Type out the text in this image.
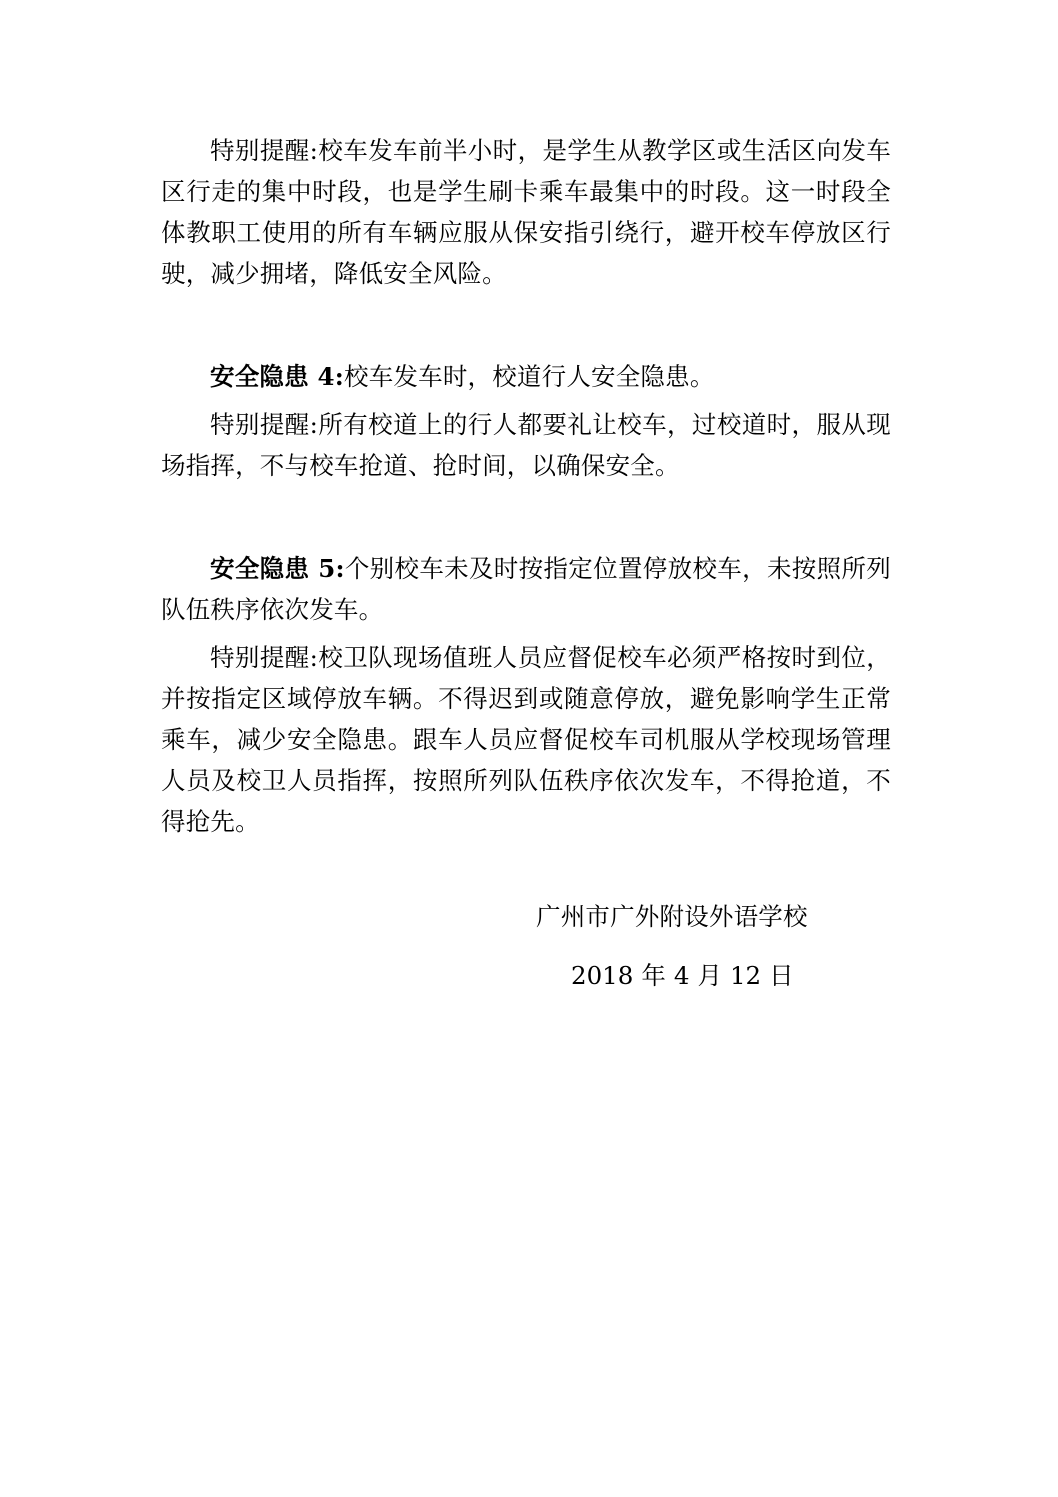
特别提醒:校车发车前半小时，是学生从教学区或生活区向发车区行走的集中时段，也是学生刷卡乘车最集中的时段。这一时段全体教职工使用的所有车辆应服从保安指引绕行，避开校车停放区行驶，减少拥堵，降低安全风险。

安全隐患 4:校车发车时，校道行人安全隐患。

特别提醒:所有校道上的行人都要礼让校车，过校道时，服从现场指挥，不与校车抢道、抢时间，以确保安全。

安全隐患 5:个别校车未及时按指定位置停放校车，未按照所列队伍秩序依次发车。

特别提醒:校卫队现场值班人员应督促校车必须严格按时到位，并按指定区域停放车辆。不得迟到或随意停放，避免影响学生正常乘车，减少安全隐患。跟车人员应督促校车司机服从学校现场管理人员及校卫人员指挥，按照所列队伍秩序依次发车，不得抢道，不得抢先。

广州市广外附设外语学校
2018 年 4 月 12 日
